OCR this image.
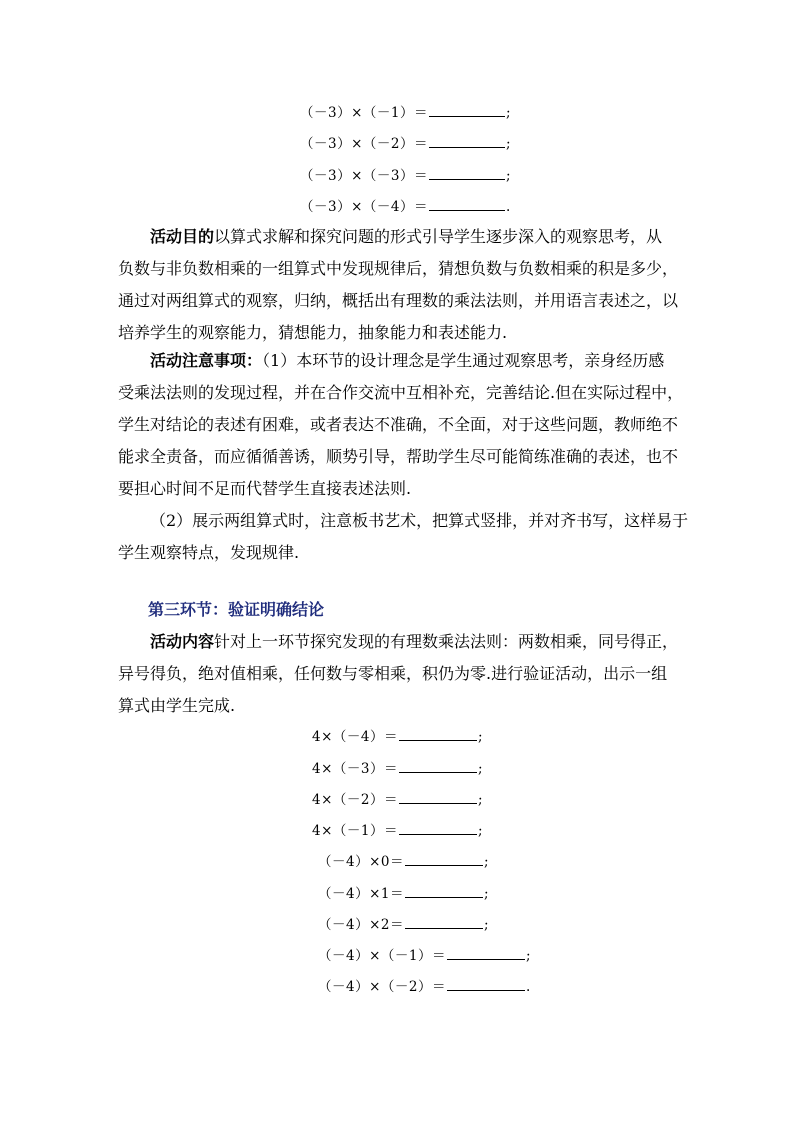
（－3）×（－1）＝	;
（－3）×（－2）＝	;
（－3）×（－3）＝	;
（－3）×（－4）＝	.
活动目的以算式求解和探究问题的形式引导学生逐步深入的观察思考，从
负数与非负数相乘的一组算式中发现规律后，猜想负数与负数相乘的积是多少，
通过对两组算式的观察，归纳，概括出有理数的乘法法则，并用语言表述之，以
培养学生的观察能力，猜想能力，抽象能力和表述能力.
活动注意事项：（1）本环节的设计理念是学生通过观察思考，亲身经历感
受乘法法则的发现过程，并在合作交流中互相补充，完善结论.但在实际过程中，
学生对结论的表述有困难，或者表达不准确，不全面，对于这些问题，教师绝不
能求全责备，而应循循善诱，顺势引导，帮助学生尽可能简练准确的表述，也不
要担心时间不足而代替学生直接表述法则.
（2）展示两组算式时，注意板书艺术，把算式竖排，并对齐书写，这样易于
学生观察特点，发现规律.
第三环节：验证明确结论
活动内容针对上一环节探究发现的有理数乘法法则：两数相乘，同号得正，
异号得负，绝对值相乘，任何数与零相乘，积仍为零.进行验证活动，出示一组
算式由学生完成.
4×（－4）＝	;
4×（－3）＝	;
4×（－2）＝	;
4×（－1）＝	;
（－4）×0＝	;
（－4）×1＝	;
（－4）×2＝	;
（－4）×（－1）＝	;
（－4）×（－2）＝	.
